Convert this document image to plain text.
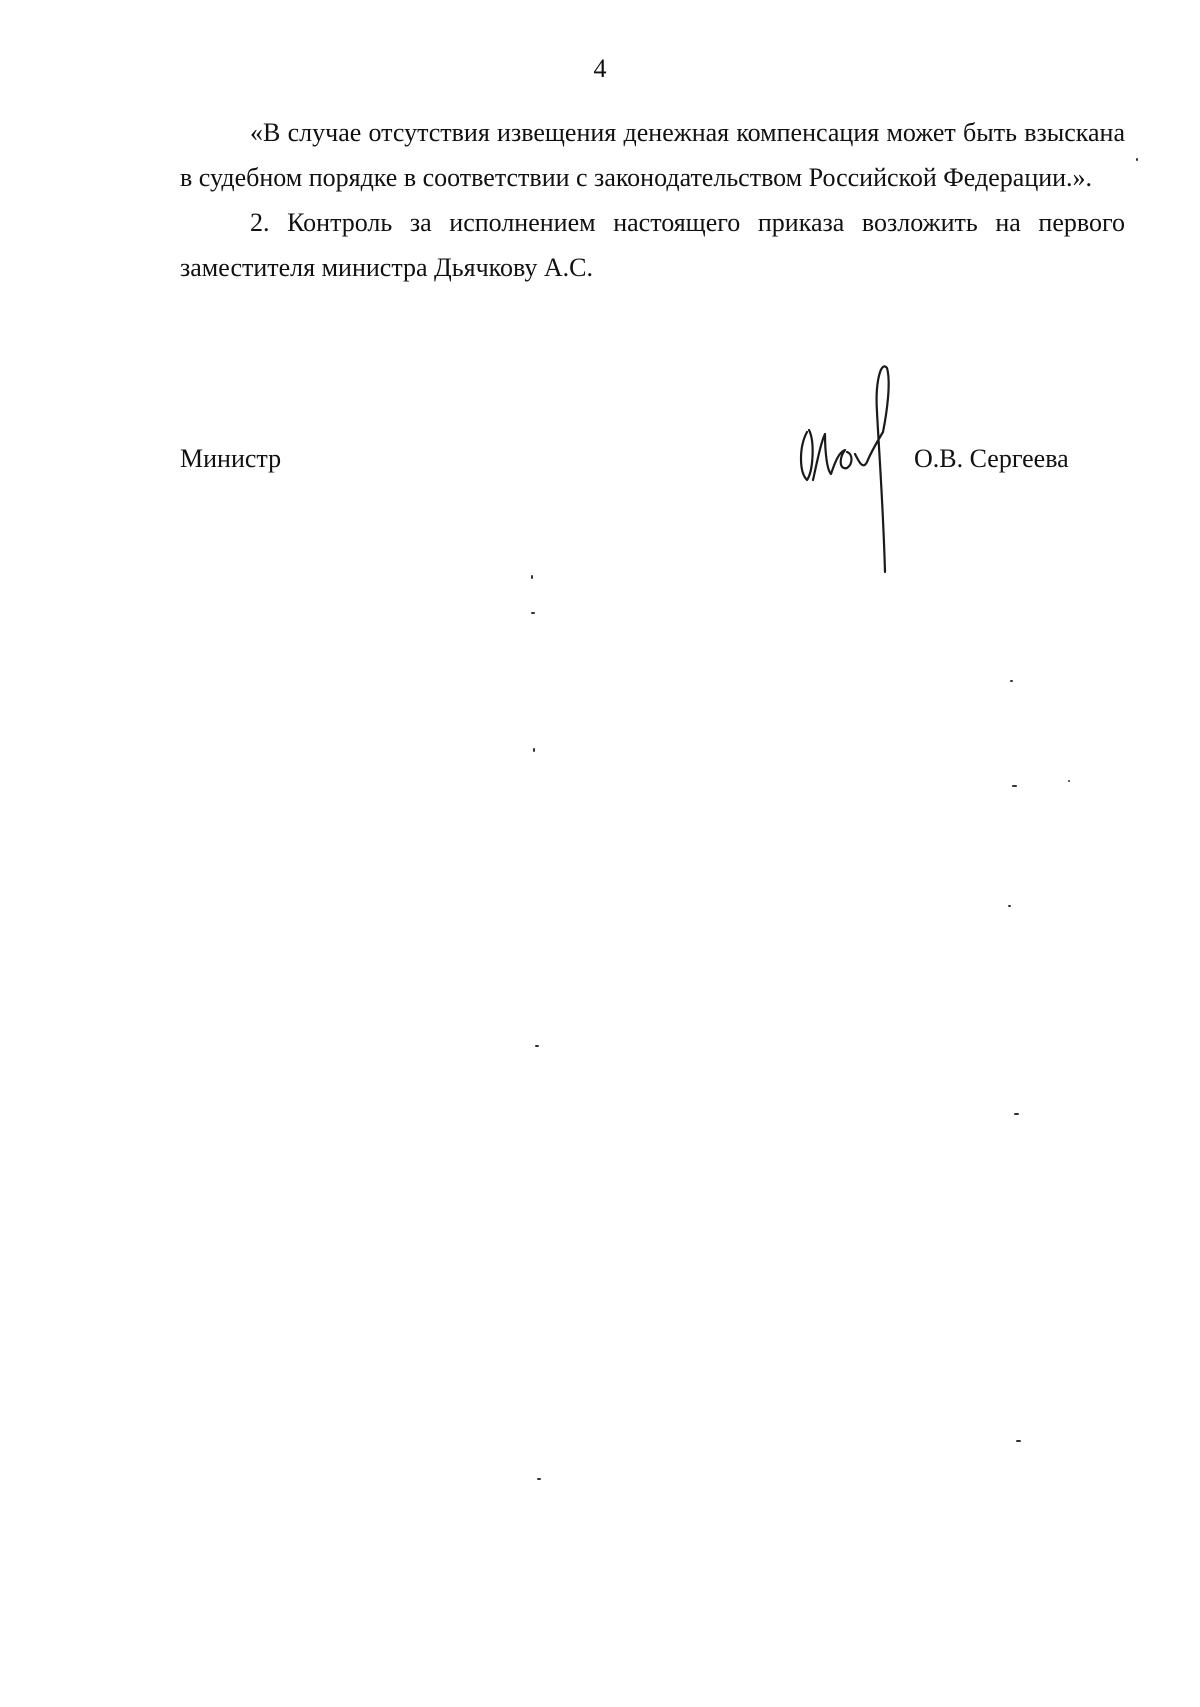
4

«В случае отсутствия извещения денежная компенсация может быть взыскана в судебном порядке в соответствии с законодательством Российской Федерации.».

2. Контроль за исполнением настоящего приказа возложить на первого заместителя министра Дьячкову А.С.

Министр	О.В. Сергеева
